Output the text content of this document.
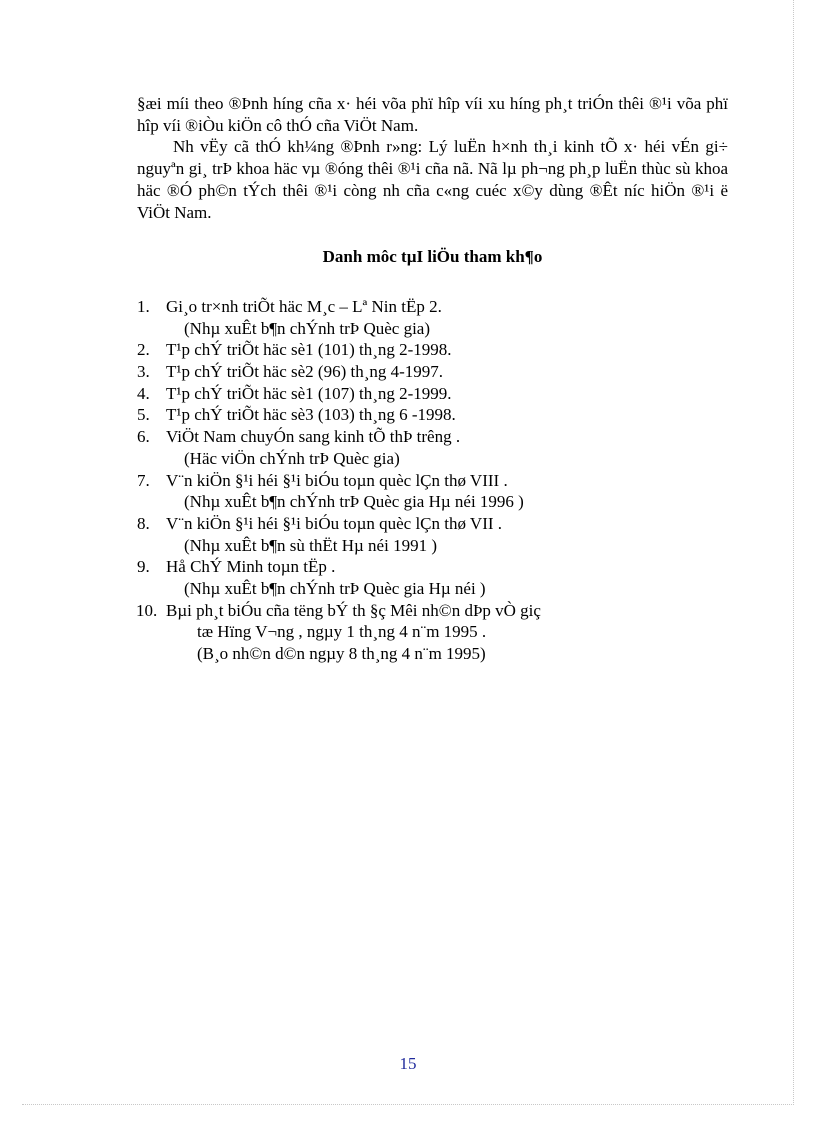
§æi míi theo ®Þnh híng cña x· héi võa phï hîp víi xu híng ph¸t triÓn thêi ®¹i võa phï hîp víi ®iÒu kiÖn cô thÓ cña ViÖt Nam.

Nh vËy cã thÓ kh¼ng ®Þnh r»ng: Lý luËn h×nh th¸i kinh tÕ x· héi vÉn gi÷ nguyªn gi¸ trÞ khoa häc vµ ®óng thêi ®¹i cña nã. Nã lµ ph¬ng ph¸p luËn thùc sù khoa häc ®Ó ph©n tÝch thêi ®¹i còng nh cña c«ng cuéc x©y dùng ®Êt níc hiÖn ®¹i ë ViÖt Nam.

Danh môc tµI liÖu tham kh¶o
1. Gi¸o tr×nh triÕt häc M¸c – Lª Nin tËp 2.
(Nhµ xuÊt b¶n chÝnh trÞ Quèc gia)
2. T¹p chÝ triÕt häc sè1 (101) th¸ng 2-1998.
3. T¹p chÝ triÕt häc sè2 (96) th¸ng 4-1997.
4. T¹p chÝ triÕt häc sè1 (107) th¸ng 2-1999.
5. T¹p chÝ triÕt häc sè3 (103) th¸ng 6 -1998.
6. ViÖt Nam chuyÓn sang kinh tÕ thÞ trêng .
(Häc viÖn chÝnh trÞ Quèc gia)
7. V¨n kiÖn §¹i héi §¹i biÓu toµn quèc lÇn thø VIII .
(Nhµ xuÊt b¶n chÝnh trÞ Quèc gia Hµ néi 1996 )
8. V¨n kiÖn §¹i héi §¹i biÓu toµn quèc lÇn thø VII .
(Nhµ xuÊt b¶n sù thËt Hµ néi 1991 )
9. Hå ChÝ Minh toµn tËp .
(Nhµ xuÊt b¶n chÝnh trÞ Quèc gia Hµ néi )
10. Bµi ph¸t biÓu cña tëng bÝ th §ç Mêi nh©n dÞp vÒ giç
tæ Hïng V¬ng , ngµy 1 th¸ng 4 n¨m 1995 .
(B¸o nh©n d©n ngµy 8 th¸ng 4 n¨m 1995)
15
